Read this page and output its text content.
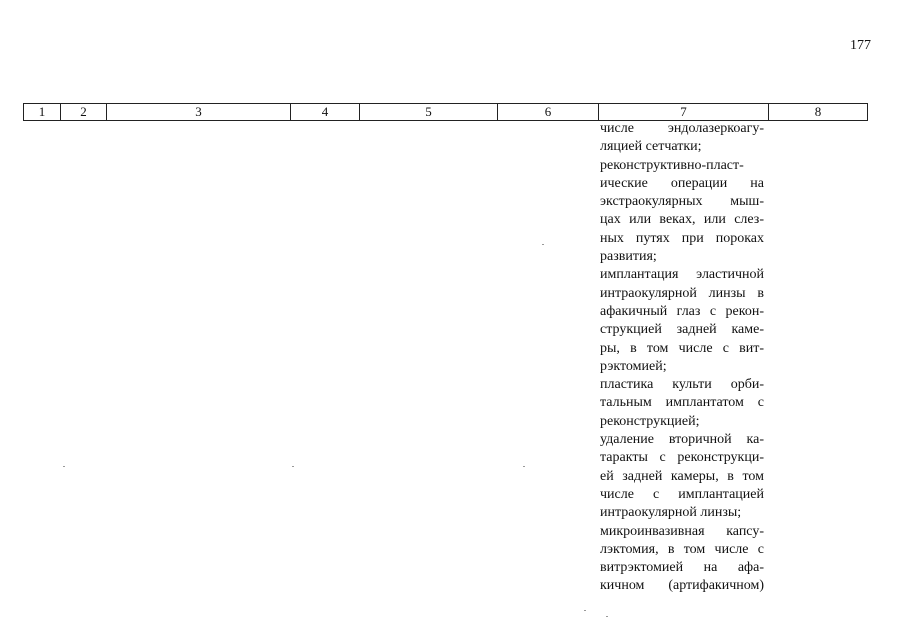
177
1	2	3	4	5	6	7	8
числе эндолазеркоагу-
ляцией сетчатки;
реконструктивно-пласт-
ические операции на
экстраокулярных мыш-
цах или веках, или слез-
ных путях при пороках
развития;
имплантация эластичной
интраокулярной линзы в
афакичный глаз с рекон-
струкцией задней каме-
ры, в том числе с вит-
рэктомией;
пластика культи орби-
тальным имплантатом с
реконструкцией;
удаление вторичной ка-
таракты с реконструкци-
ей задней камеры, в том
числе с имплантацией
интраокулярной линзы;
микроинвазивная капсу-
лэктомия, в том числе с
витрэктомией на афа-
кичном (артифакичном)
